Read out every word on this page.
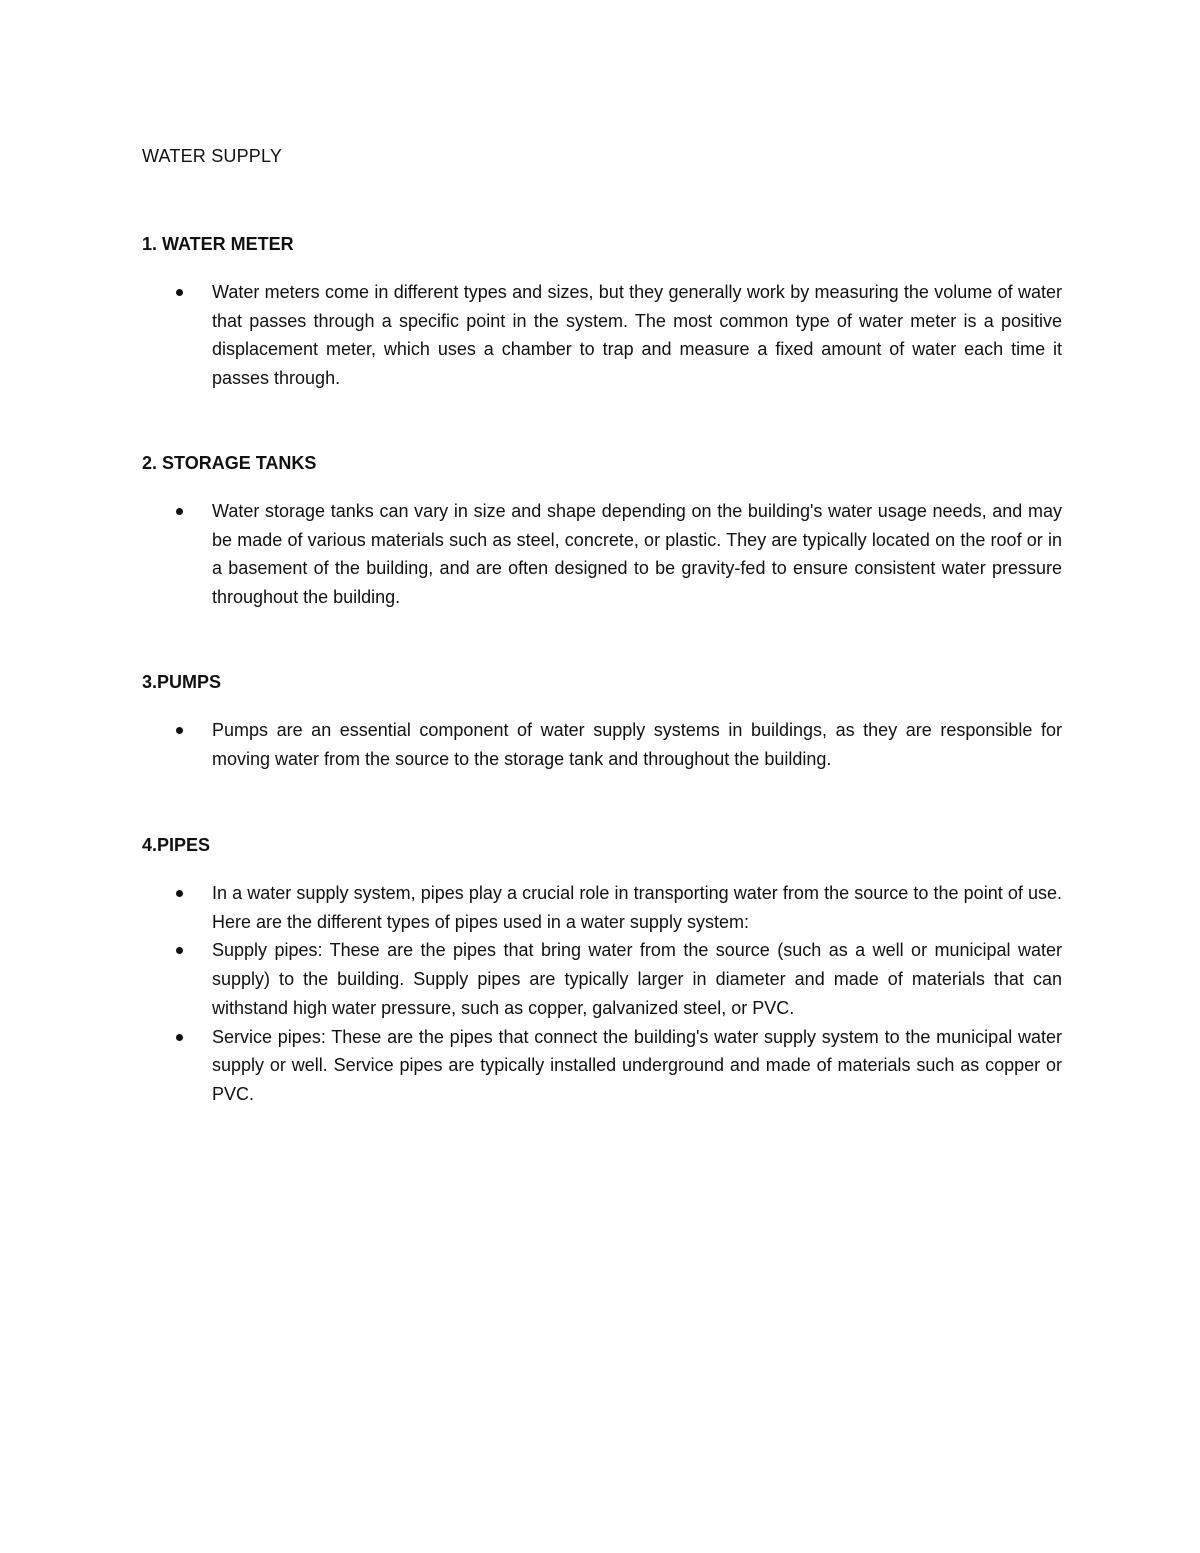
WATER SUPPLY
1. WATER METER
Water meters come in different types and sizes, but they generally work by measuring the volume of water that passes through a specific point in the system. The most common type of water meter is a positive displacement meter, which uses a chamber to trap and measure a fixed amount of water each time it passes through.
2. STORAGE TANKS
Water storage tanks can vary in size and shape depending on the building's water usage needs, and may be made of various materials such as steel, concrete, or plastic. They are typically located on the roof or in a basement of the building, and are often designed to be gravity-fed to ensure consistent water pressure throughout the building.
3.PUMPS
Pumps are an essential component of water supply systems in buildings, as they are responsible for moving water from the source to the storage tank and throughout the building.
4.PIPES
In a water supply system, pipes play a crucial role in transporting water from the source to the point of use. Here are the different types of pipes used in a water supply system:
Supply pipes: These are the pipes that bring water from the source (such as a well or municipal water supply) to the building. Supply pipes are typically larger in diameter and made of materials that can withstand high water pressure, such as copper, galvanized steel, or PVC.
Service pipes: These are the pipes that connect the building's water supply system to the municipal water supply or well. Service pipes are typically installed underground and made of materials such as copper or PVC.
